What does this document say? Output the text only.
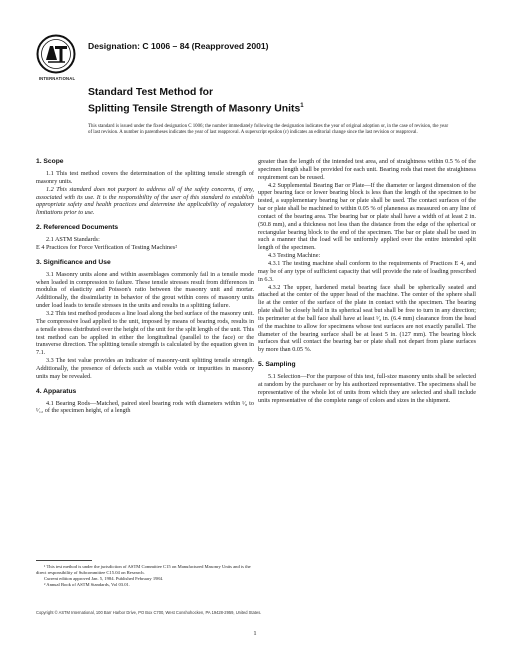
INTERNATIONAL
Designation: C 1006 – 84 (Reapproved 2001)
Standard Test Method for
Splitting Tensile Strength of Masonry Units$^1$
This standard is issued under the fixed designation C 1006; the number immediately following the designation indicates the year of original adoption or, in the case of revision, the year of last revision. A number in parentheses indicates the year of last reapproval. A superscript epsilon (ε) indicates an editorial change since the last revision or reapproval.
1. Scope

1.1 This test method covers the determination of the splitting tensile strength of masonry units.

1.2 This standard does not purport to address all of the safety concerns, if any, associated with its use. It is the responsibility of the user of this standard to establish appropriate safety and health practices and determine the applicability of regulatory limitations prior to use.

2. Referenced Documents

2.1 ASTM Standards:

E 4 Practices for Force Verification of Testing Machines²

3. Significance and Use

3.1 Masonry units alone and within assemblages commonly fail in a tensile mode when loaded in compression to failure. These tensile stresses result from differences in modulus of elasticity and Poisson's ratio between the masonry unit and mortar. Additionally, the dissimilarity in behavior of the grout within cores of masonry units under load leads to tensile stresses in the units and results in a splitting failure.

3.2 This test method produces a line load along the bed surface of the masonry unit. The compressive load applied to the unit, imposed by means of bearing rods, results in a tensile stress distributed over the height of the unit for the split length of the unit. This test method can be applied in either the longitudinal (parallel to the face) or the transverse direction. The splitting tensile strength is calculated by the equation given in 7.1.

3.3 The test value provides an indicator of masonry-unit splitting tensile strength. Additionally, the presence of defects such as visible voids or impurities in masonry units may be revealed.

4. Apparatus

4.1 Bearing Rods—Matched, paired steel bearing rods with diameters within ¹⁄₈ to ¹⁄₁₂ of the specimen height, of a length

greater than the length of the intended test area, and of straightness within 0.5 % of the specimen length shall be provided for each unit. Bearing rods that meet the straightness requirement can be reused.

4.2 Supplemental Bearing Bar or Plate—If the diameter or largest dimension of the upper bearing face or lower bearing block is less than the length of the specimen to be tested, a supplementary bearing bar or plate shall be used. The contact surfaces of the bar or plate shall be machined to within 0.05 % of planeness as measured on any line of contact of the bearing area. The bearing bar or plate shall have a width of at least 2 in. (50.8 mm), and a thickness not less than the distance from the edge of the spherical or rectangular bearing block to the end of the specimen. The bar or plate shall be used in such a manner that the load will be uniformly applied over the entire intended split length of the specimen.

4.3 Testing Machine:

4.3.1 The testing machine shall conform to the requirements of Practices E 4, and may be of any type of sufficient capacity that will provide the rate of loading prescribed in 6.3.

4.3.2 The upper, hardened metal bearing face shall be spherically seated and attached at the center of the upper head of the machine. The center of the sphere shall lie at the center of the surface of the plate in contact with the specimen. The bearing plate shall be closely held in its spherical seat but shall be free to turn in any direction; its perimeter at the ball face shall have at least ¹⁄₄ in. (6.4 mm) clearance from the head of the machine to allow for specimens whose test surfaces are not exactly parallel. The diameter of the bearing surface shall be at least 5 in. (127 mm). The bearing block surfaces that will contact the bearing bar or plate shall not depart from plane surfaces by more than 0.05 %.

5. Sampling

5.1 Selection—For the purpose of this test, full-size masonry units shall be selected at random by the purchaser or by his authorized representative. The specimens shall be representative of the whole lot of units from which they are selected and shall include units representative of the complete range of colors and sizes in the shipment.

¹ This test method is under the jurisdiction of ASTM Committee C15 on Manufactured Masonry Units and is the direct responsibility of Subcommittee C15.04 on Research.

Current edition approved Jan. 5, 1984. Published February 1984.

² Annual Book of ASTM Standards, Vol 03.01.

Copyright © ASTM International, 100 Barr Harbor Drive, PO Box C700, West Conshohocken, PA 19428-2959, United States.
1
